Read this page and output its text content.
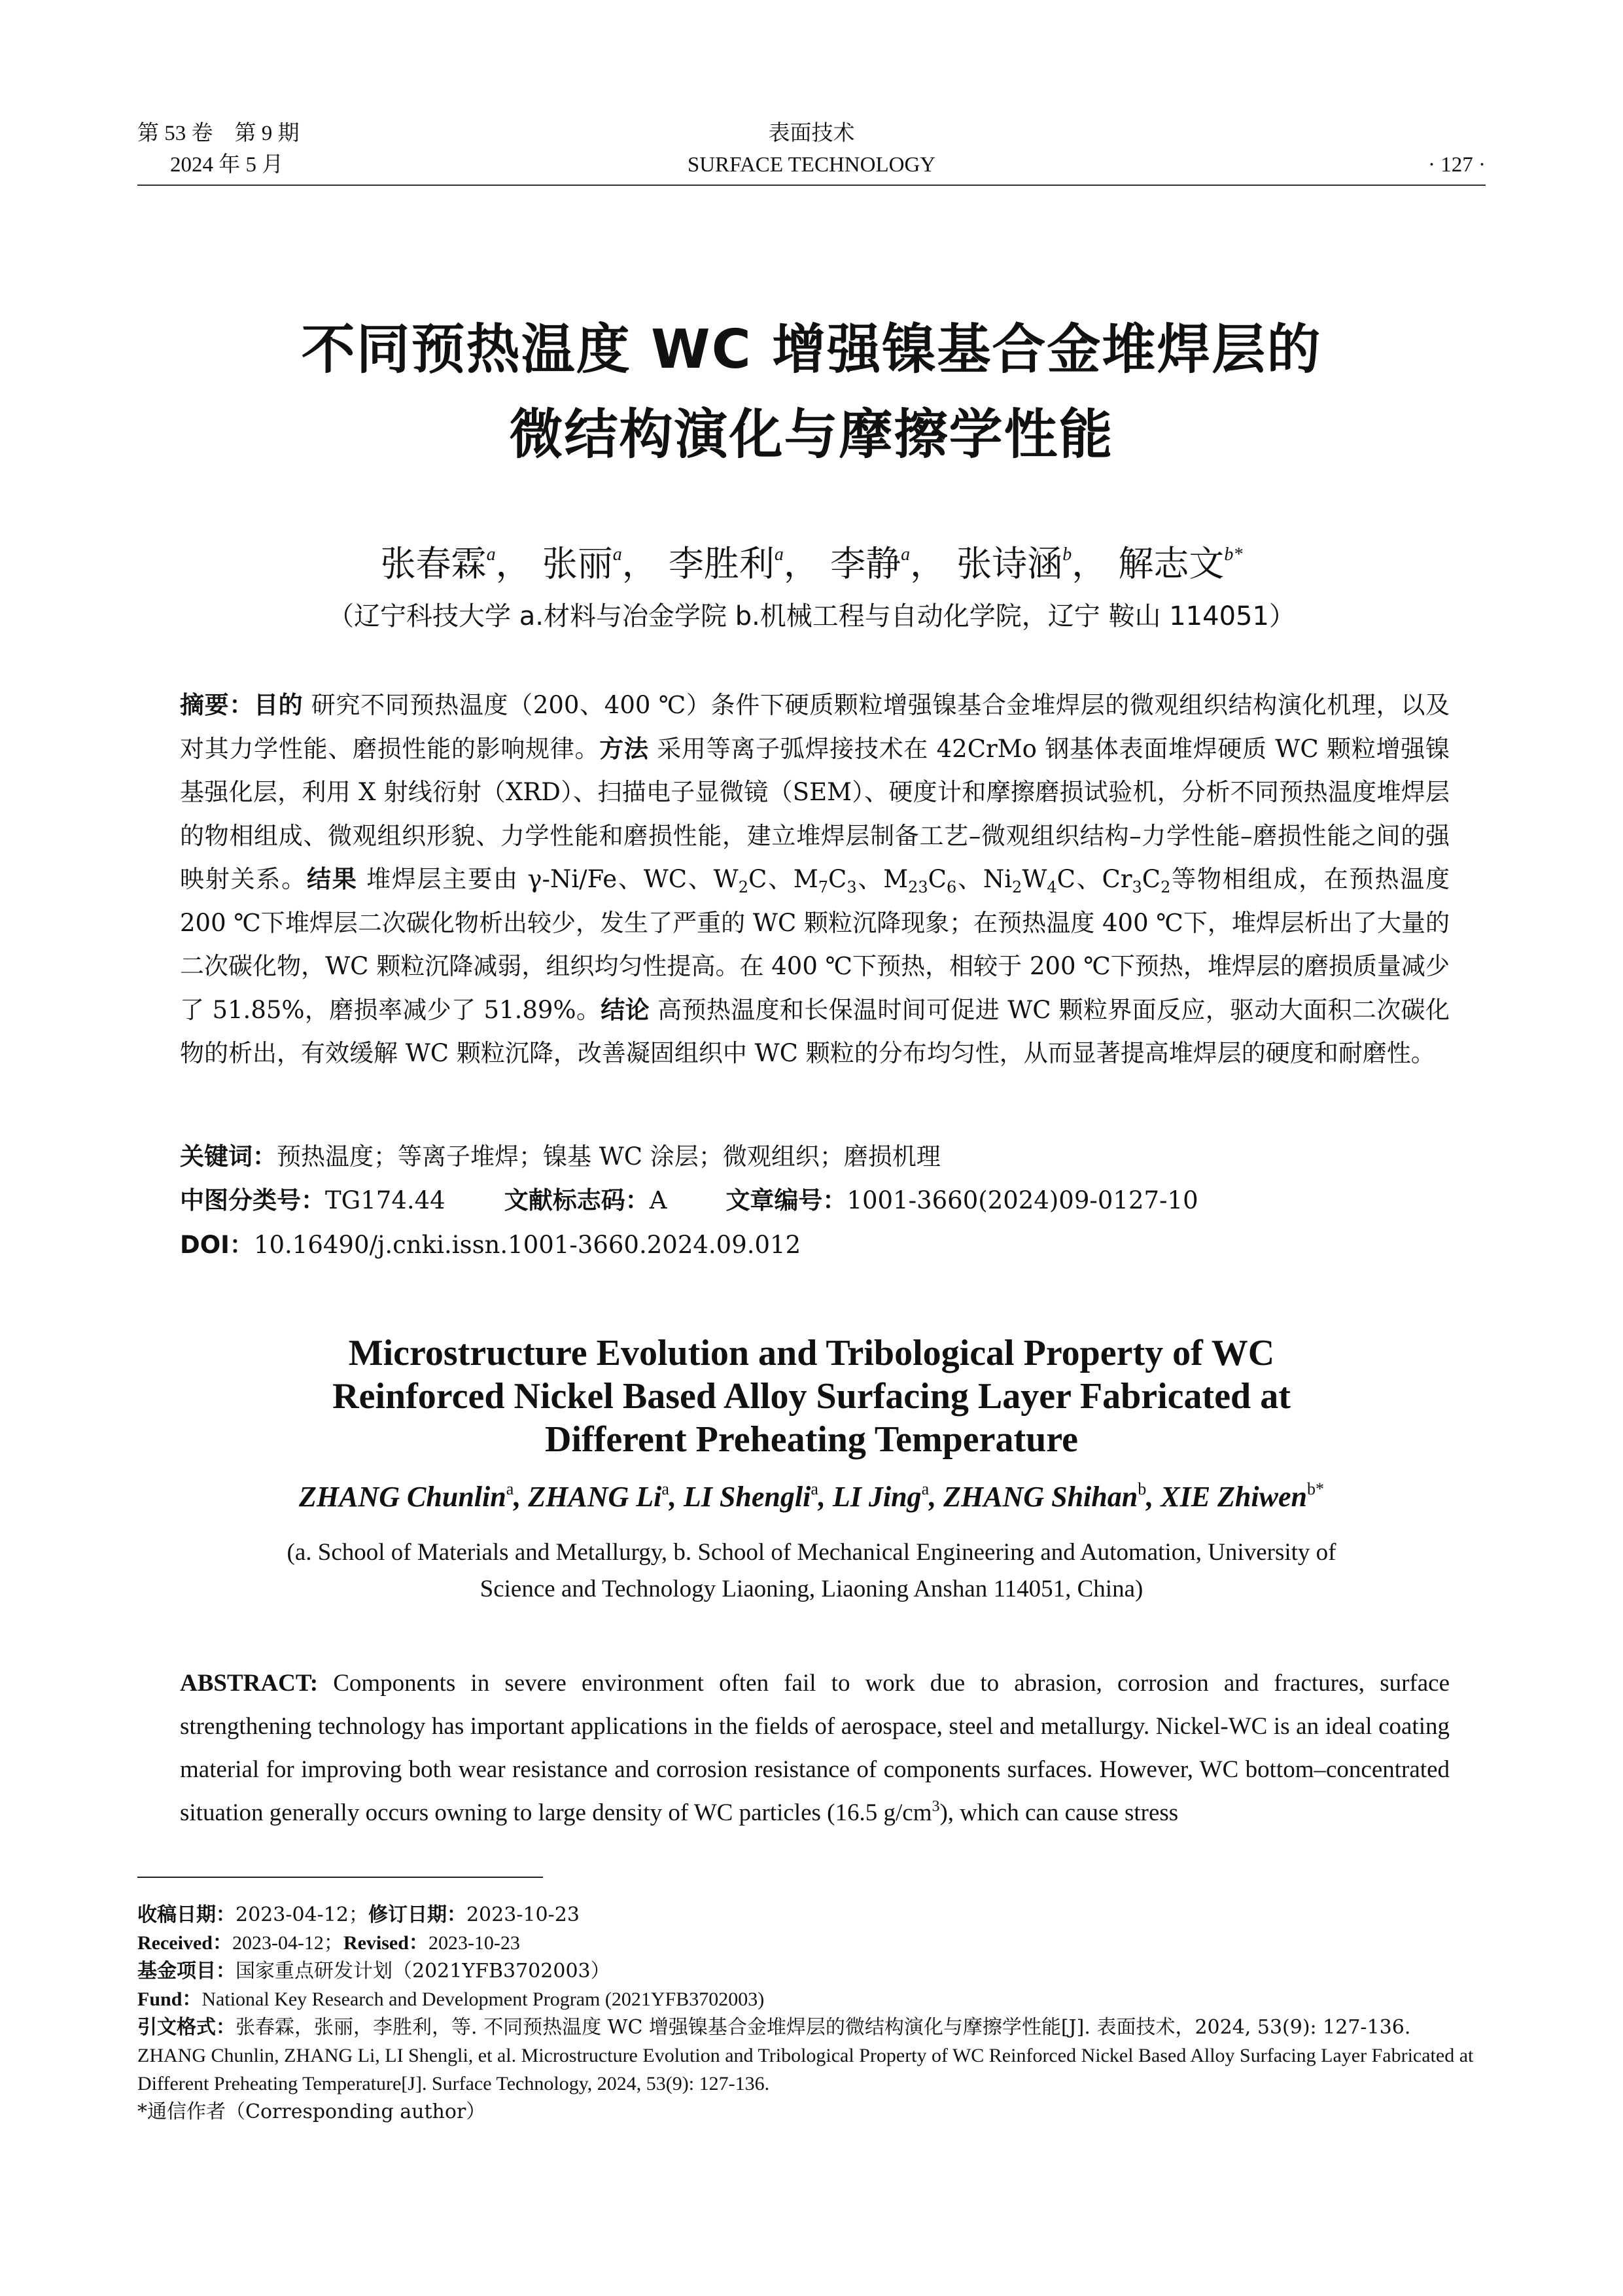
第 53 卷　第 9 期
2024 年 5 月
表面技术
SURFACE TECHNOLOGY	· 127 ·
不同预热温度 WC 增强镍基合金堆焊层的
微结构演化与摩擦学性能
张春霖$^a$， 张丽$^a$， 李胜利$^a$， 李静$^a$， 张诗涵$^b$， 解志文$^{b*}$
（辽宁科技大学 a.材料与冶金学院 b.机械工程与自动化学院，辽宁 鞍山 114051）
摘要：目的 研究不同预热温度（200、400 ℃）条件下硬质颗粒增强镍基合金堆焊层的微观组织结构演化机理，以及对其力学性能、磨损性能的影响规律。方法 采用等离子弧焊接技术在 42CrMo 钢基体表面堆焊硬质 WC 颗粒增强镍基强化层，利用 X 射线衍射（XRD）、扫描电子显微镜（SEM）、硬度计和摩擦磨损试验机，分析不同预热温度堆焊层的物相组成、微观组织形貌、力学性能和磨损性能，建立堆焊层制备工艺–微观组织结构–力学性能–磨损性能之间的强映射关系。结果 堆焊层主要由 γ-Ni/Fe、WC、$W_2C$、$M_7C_3$、$M_{23}C_6$、$Ni_2W_4C$、$Cr_3C_2$等物相组成，在预热温度 200 ℃下堆焊层二次碳化物析出较少，发生了严重的 WC 颗粒沉降现象；在预热温度 400 ℃下，堆焊层析出了大量的二次碳化物，WC 颗粒沉降减弱，组织均匀性提高。在 400 ℃下预热，相较于 200 ℃下预热，堆焊层的磨损质量减少了 51.85%，磨损率减少了 51.89%。结论 高预热温度和长保温时间可促进 WC 颗粒界面反应，驱动大面积二次碳化物的析出，有效缓解 WC 颗粒沉降，改善凝固组织中 WC 颗粒的分布均匀性，从而显著提高堆焊层的硬度和耐磨性。
关键词：预热温度；等离子堆焊；镍基 WC 涂层；微观组织；磨损机理
中图分类号：TG174.44 文献标志码：A 文章编号：1001-3660(2024)09-0127-10
DOI：10.16490/j.cnki.issn.1001-3660.2024.09.012
Microstructure Evolution and Tribological Property of WC
Reinforced Nickel Based Alloy Surfacing Layer Fabricated at
Different Preheating Temperature
ZHANG Chunlin$^a$, ZHANG Li$^a$, LI Shengli$^a$, LI Jing$^a$, ZHANG Shihan$^b$, XIE Zhiwen$^{b*}$
(a. School of Materials and Metallurgy, b. School of Mechanical Engineering and Automation, University of Science and Technology Liaoning, Liaoning Anshan 114051, China)
ABSTRACT: Components in severe environment often fail to work due to abrasion, corrosion and fractures, surface strengthening technology has important applications in the fields of aerospace, steel and metallurgy. Nickel-WC is an ideal coating material for improving both wear resistance and corrosion resistance of components surfaces. However, WC bottom–concentrated situation generally occurs owning to large density of WC particles (16.5 $g/cm^3$), which can cause stress

收稿日期：2023-04-12；修订日期：2023-10-23

Received：2023-04-12；Revised：2023-10-23

基金项目：国家重点研发计划（2021YFB3702003）

Fund：National Key Research and Development Program (2021YFB3702003)

引文格式：张春霖，张丽，李胜利，等. 不同预热温度 WC 增强镍基合金堆焊层的微结构演化与摩擦学性能[J]. 表面技术，2024, 53(9): 127-136.

ZHANG Chunlin, ZHANG Li, LI Shengli, et al. Microstructure Evolution and Tribological Property of WC Reinforced Nickel Based Alloy Surfacing Layer Fabricated at Different Preheating Temperature[J]. Surface Technology, 2024, 53(9): 127-136.

*通信作者（Corresponding author）
